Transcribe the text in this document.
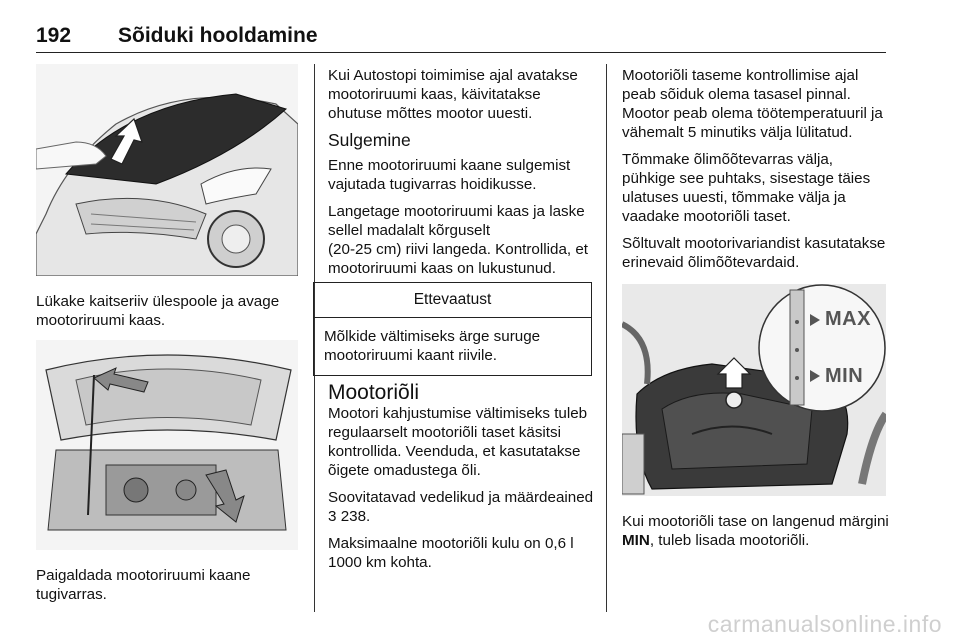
192 Sõiduki hooldamine
Lükake kaitseriiv ülespoole ja avage mootoriruumi kaas.
Paigaldada mootoriruumi kaane tugivarras.

Kui Autostopi toimimise ajal avatakse mootoriruumi kaas, käivitatakse ohutuse mõttes mootor uuesti.

Sulgemine

Enne mootoriruumi kaane sulgemist vajutada tugivarras hoidikusse.

Langetage mootoriruumi kaas ja laske sellel madalalt kõrguselt
(20-25 cm) riivi langeda. Kontrollida, et mootoriruumi kaas on lukustunud.

Ettevaatust
Mõlkide vältimiseks ärge suruge mootoriruumi kaant riivile.
Mootoriõli

Mootori kahjustumise vältimiseks tuleb regulaarselt mootoriõli taset käsitsi kontrollida. Veenduda, et kasutatakse õigete omadustega õli.

Soovitatavad vedelikud ja määrdeained 3 238.

Maksimaalne mootoriõli kulu on 0,6 l 1000 km kohta.

Mootoriõli taseme kontrollimise ajal peab sõiduk olema tasasel pinnal. Mootor peab olema töötemperatuuril ja vähemalt 5 minutiks välja lülitatud.

Tõmmake õlimõõtevarras välja, pühkige see puhtaks, sisestage täies ulatuses uuesti, tõmmake välja ja vaadake mootoriõli taset.

Sõltuvalt mootorivariandist kasutatakse erinevaid õlimõõtevardaid.

MAX
MIN
Kui mootoriõli tase on langenud märgini MIN, tuleb lisada mootoriõli.
carmanualsonline.info
